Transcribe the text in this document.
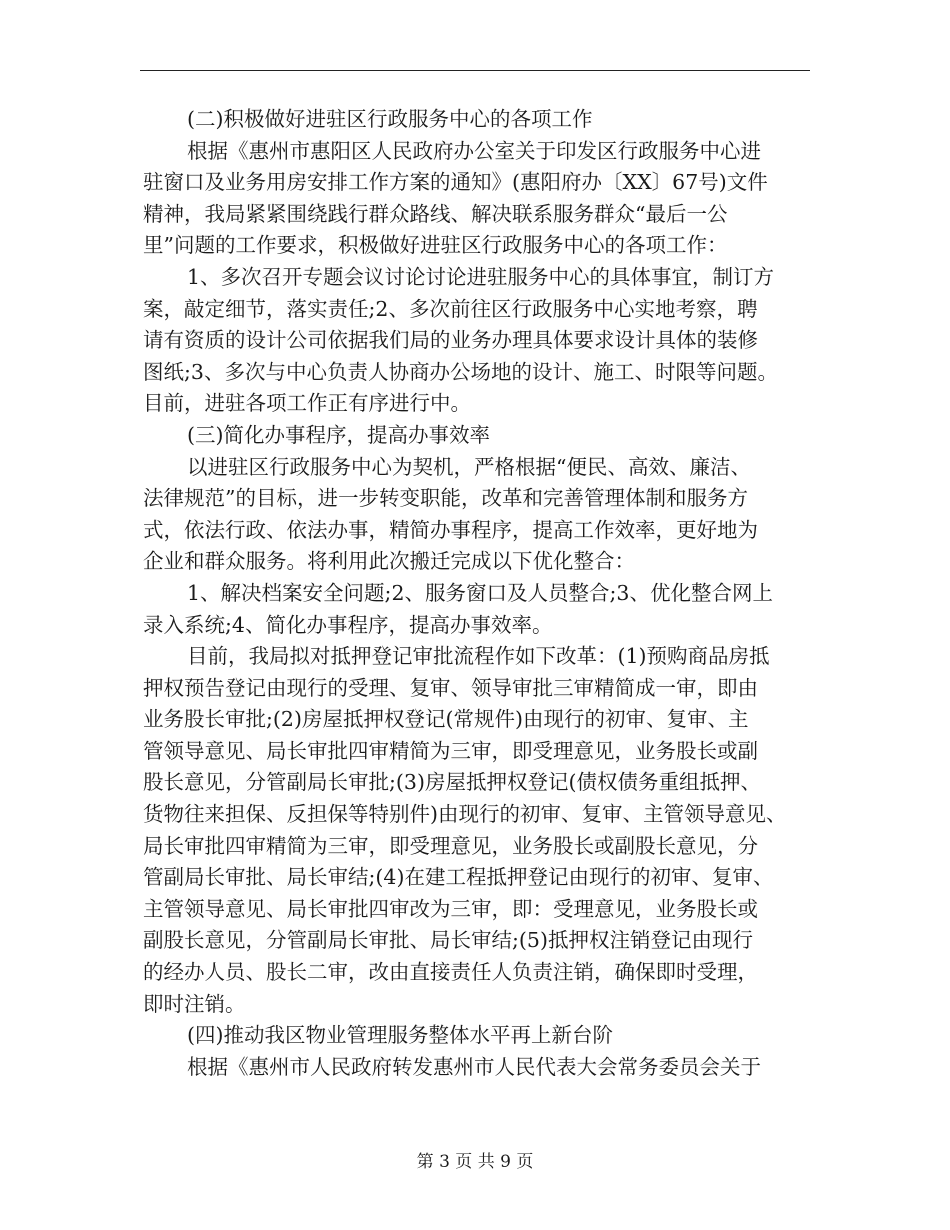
(二)积极做好进驻区行政服务中心的各项工作
根据《惠州市惠阳区人民政府办公室关于印发区行政服务中心进
驻窗口及业务用房安排工作方案的通知》(惠阳府办〔XX〕67号)文件
精神，我局紧紧围绕践行群众路线、解决联系服务群众“最后一公
里”问题的工作要求，积极做好进驻区行政服务中心的各项工作：
1、多次召开专题会议讨论讨论进驻服务中心的具体事宜，制订方
案，敲定细节，落实责任;2、多次前往区行政服务中心实地考察，聘
请有资质的设计公司依据我们局的业务办理具体要求设计具体的装修
图纸;3、多次与中心负责人协商办公场地的设计、施工、时限等问题。
目前，进驻各项工作正有序进行中。
(三)简化办事程序，提高办事效率
以进驻区行政服务中心为契机，严格根据“便民、高效、廉洁、
法律规范”的目标，进一步转变职能，改革和完善管理体制和服务方
式，依法行政、依法办事，精简办事程序，提高工作效率，更好地为
企业和群众服务。将利用此次搬迁完成以下优化整合：
1、解决档案安全问题;2、服务窗口及人员整合;3、优化整合网上
录入系统;4、简化办事程序，提高办事效率。
目前，我局拟对抵押登记审批流程作如下改革：(1)预购商品房抵
押权预告登记由现行的受理、复审、领导审批三审精简成一审，即由
业务股长审批;(2)房屋抵押权登记(常规件)由现行的初审、复审、主
管领导意见、局长审批四审精简为三审，即受理意见，业务股长或副
股长意见，分管副局长审批;(3)房屋抵押权登记(债权债务重组抵押、
货物往来担保、反担保等特别件)由现行的初审、复审、主管领导意见、
局长审批四审精简为三审，即受理意见，业务股长或副股长意见，分
管副局长审批、局长审结;(4)在建工程抵押登记由现行的初审、复审、
主管领导意见、局长审批四审改为三审，即：受理意见，业务股长或
副股长意见，分管副局长审批、局长审结;(5)抵押权注销登记由现行
的经办人员、股长二审，改由直接责任人负责注销，确保即时受理，
即时注销。
(四)推动我区物业管理服务整体水平再上新台阶
根据《惠州市人民政府转发惠州市人民代表大会常务委员会关于
第 3 页 共 9 页
